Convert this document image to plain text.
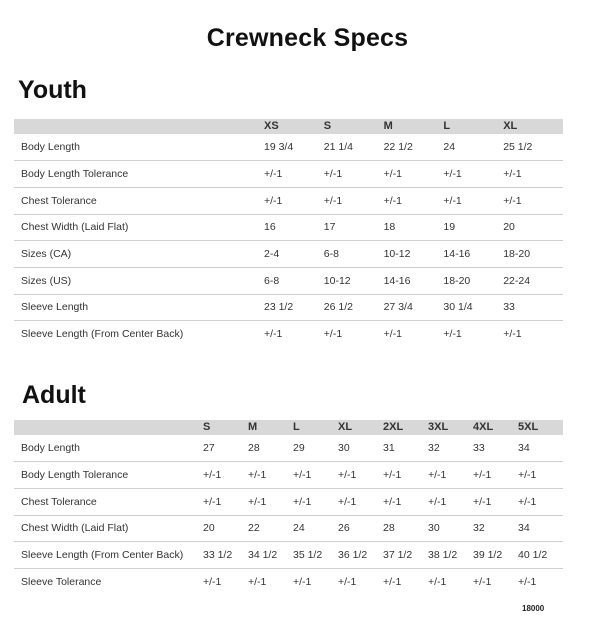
Crewneck Specs
Youth
	XS	S	M	L	XL
Body Length	19 3/4	21 1/4	22 1/2	24	25 1/2
Body Length Tolerance	+/-1	+/-1	+/-1	+/-1	+/-1
Chest Tolerance	+/-1	+/-1	+/-1	+/-1	+/-1
Chest Width (Laid Flat)	16	17	18	19	20
Sizes (CA)	2-4	6-8	10-12	14-16	18-20
Sizes (US)	6-8	10-12	14-16	18-20	22-24
Sleeve Length	23 1/2	26 1/2	27 3/4	30 1/4	33
Sleeve Length (From Center Back)	+/-1	+/-1	+/-1	+/-1	+/-1
Adult
	S	M	L	XL	2XL	3XL	4XL	5XL
Body Length	27	28	29	30	31	32	33	34
Body Length Tolerance	+/-1	+/-1	+/-1	+/-1	+/-1	+/-1	+/-1	+/-1
Chest Tolerance	+/-1	+/-1	+/-1	+/-1	+/-1	+/-1	+/-1	+/-1
Chest Width (Laid Flat)	20	22	24	26	28	30	32	34
Sleeve Length (From Center Back)	33 1/2	34 1/2	35 1/2	36 1/2	37 1/2	38 1/2	39 1/2	40 1/2
Sleeve Tolerance	+/-1	+/-1	+/-1	+/-1	+/-1	+/-1	+/-1	+/-1
18000
